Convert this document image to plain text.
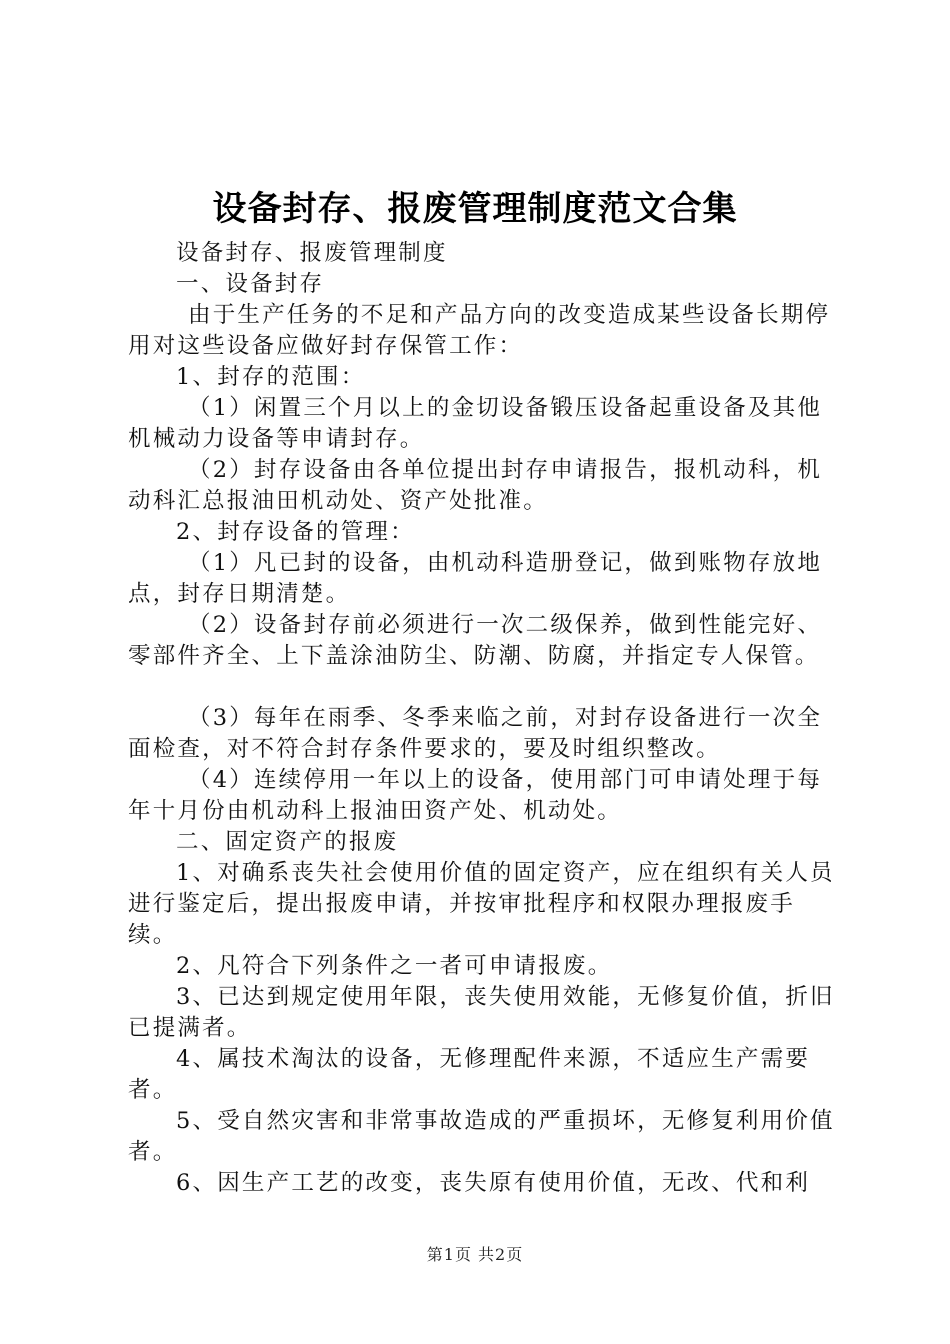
设备封存、报废管理制度范文合集

设备封存、报废管理制度

一、设备封存

由于生产任务的不足和产品方向的改变造成某些设备长期停用对这些设备应做好封存保管工作：

1、封存的范围：

（1）闲置三个月以上的金切设备锻压设备起重设备及其他机械动力设备等申请封存。

（2）封存设备由各单位提出封存申请报告，报机动科，机动科汇总报油田机动处、资产处批准。

2、封存设备的管理：

（1）凡已封的设备，由机动科造册登记，做到账物存放地点，封存日期清楚。

（2）设备封存前必须进行一次二级保养，做到性能完好、零部件齐全、上下盖涂油防尘、防潮、防腐，并指定专人保管。

（3）每年在雨季、冬季来临之前，对封存设备进行一次全面检查，对不符合封存条件要求的，要及时组织整改。

（4）连续停用一年以上的设备，使用部门可申请处理于每年十月份由机动科上报油田资产处、机动处。

二、固定资产的报废

1、对确系丧失社会使用价值的固定资产，应在组织有关人员进行鉴定后，提出报废申请，并按审批程序和权限办理报废手续。

2、凡符合下列条件之一者可申请报废。

3、已达到规定使用年限，丧失使用效能，无修复价值，折旧已提满者。

4、属技术淘汰的设备，无修理配件来源，不适应生产需要者。

5、受自然灾害和非常事故造成的严重损坏，无修复利用价值者。

6、因生产工艺的改变，丧失原有使用价值，无改、代和利

第1页 共2页
